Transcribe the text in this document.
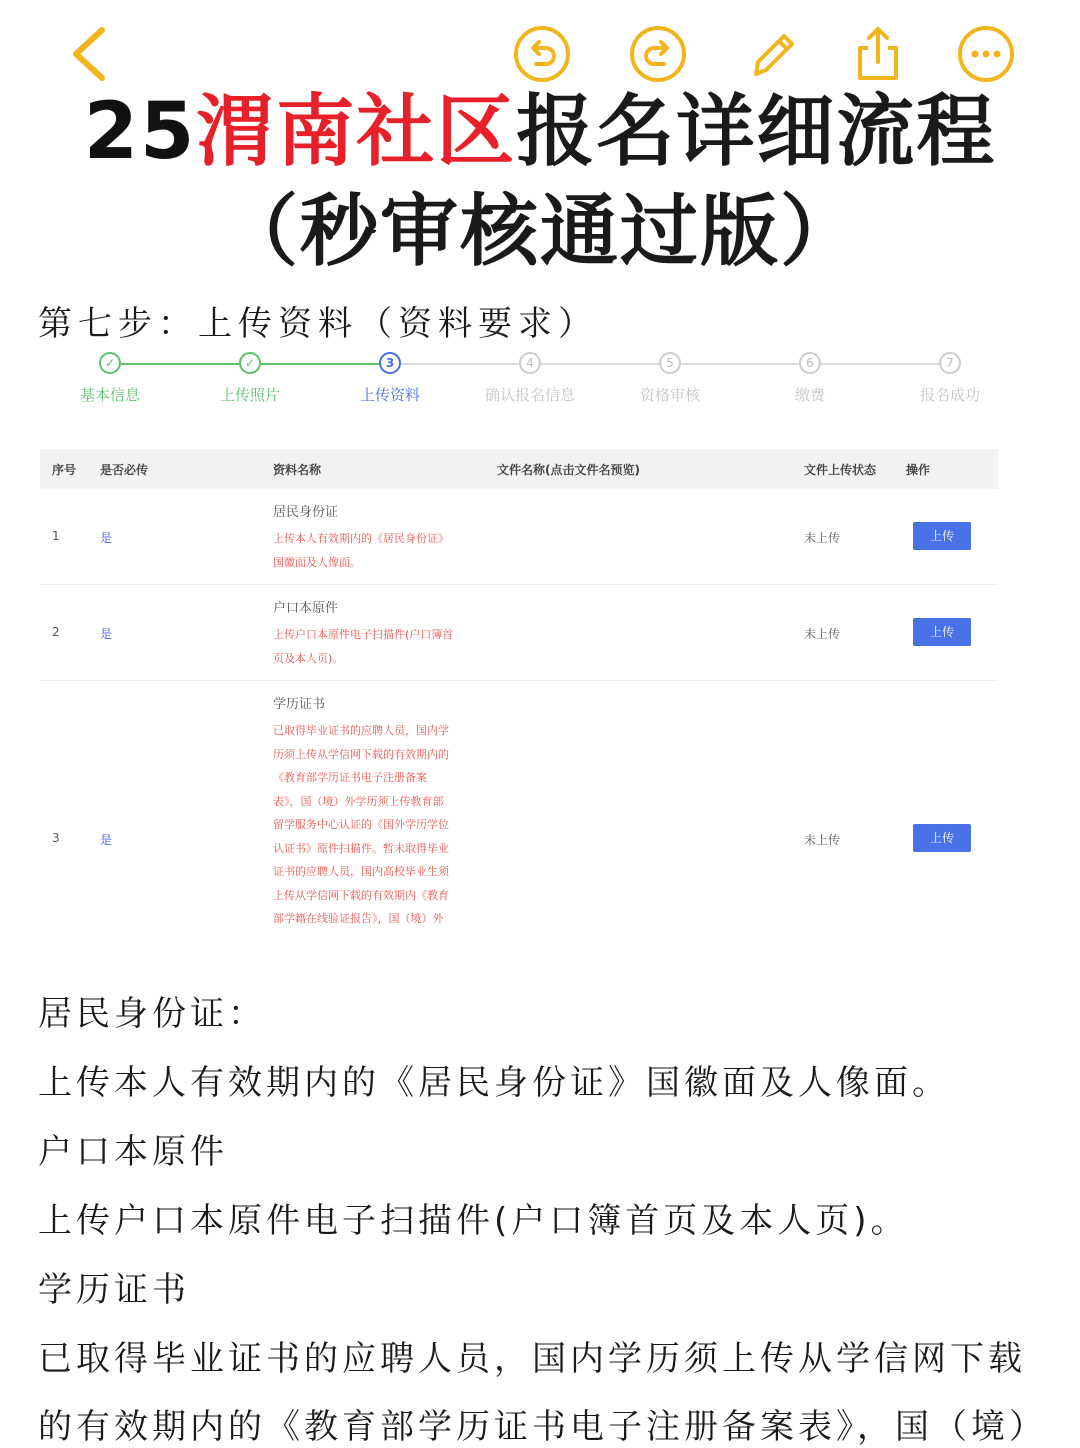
25渭南社区报名详细流程
（秒审核通过版）
第七步：上传资料（资料要求）
✓
基本信息
✓
上传照片
3
上传资料
4
确认报名信息
5
资格审核
6
缴费
7
报名成功
序号 是否必传	资料名称	文件名称(点击文件名预览)	文件上传状态 操作
1	是
居民身份证
上传本人有效期内的《居民身份证》
国徽面及人像面。
未上传	上传
2	是
户口本原件
上传户口本原件电子扫描件(户口簿首
页及本人页)。
未上传	上传
3	是
学历证书
已取得毕业证书的应聘人员，国内学
历须上传从学信网下载的有效期内的
《教育部学历证书电子注册备案
表》，国（境）外学历须上传教育部
留学服务中心认证的《国外学历学位
认证书》原件扫描件。暂未取得毕业
证书的应聘人员，国内高校毕业生须
上传从学信网下载的有效期内《教育
部学籍在线验证报告》，国（境）外
未上传	上传
居民身份证：
上传本人有效期内的《居民身份证》国徽面及人像面。
户口本原件
上传户口本原件电子扫描件(户口簿首页及本人页)。
学历证书
已取得毕业证书的应聘人员，国内学历须上传从学信网下载
的有效期内的《教育部学历证书电子注册备案表》，国（境）
